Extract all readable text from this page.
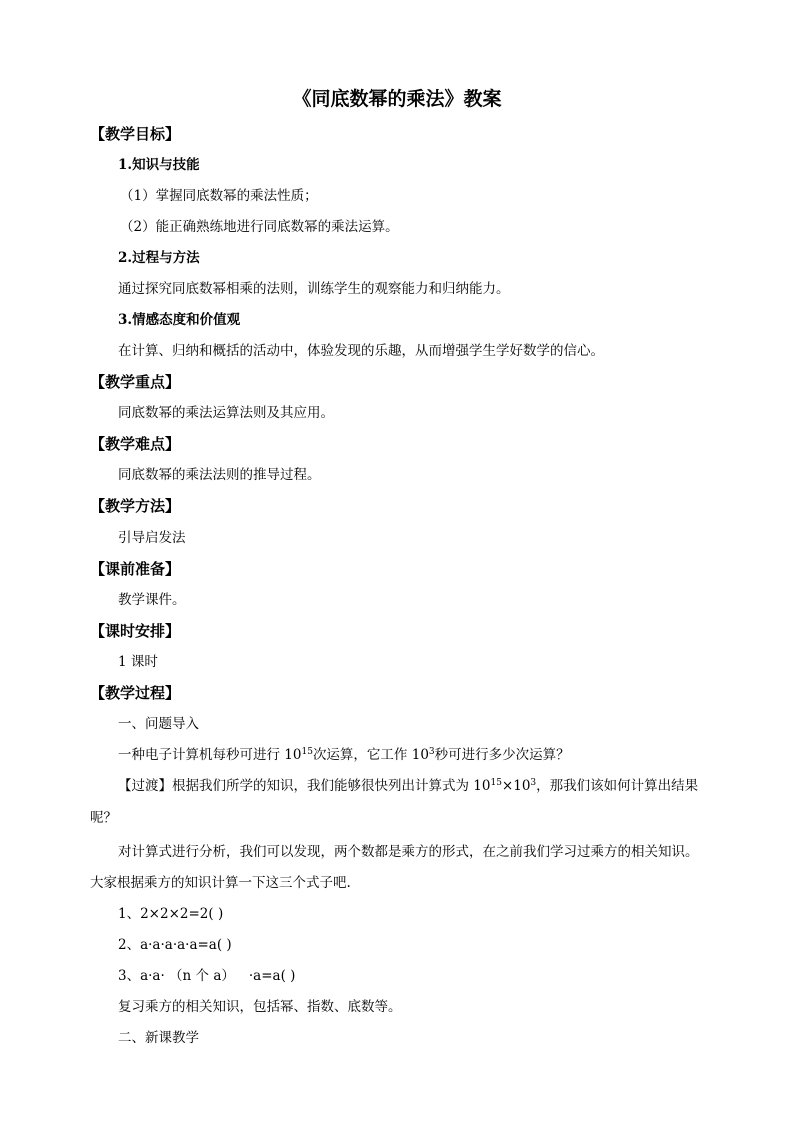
《同底数幂的乘法》教案
【教学目标】
1.知识与技能
（1）掌握同底数幂的乘法性质；
（2）能正确熟练地进行同底数幂的乘法运算。
2.过程与方法
通过探究同底数幂相乘的法则，训练学生的观察能力和归纳能力。
3.情感态度和价值观
在计算、归纳和概括的活动中，体验发现的乐趣，从而增强学生学好数学的信心。
【教学重点】
同底数幂的乘法运算法则及其应用。
【教学难点】
同底数幂的乘法法则的推导过程。
【教学方法】
引导启发法
【课前准备】
教学课件。
【课时安排】
1 课时
【教学过程】
一、问题导入
一种电子计算机每秒可进行 $10^{15}$次运算，它工作 $10^3$秒可进行多少次运算？
【过渡】根据我们所学的知识，我们能够很快列出计算式为 $10^{15}\times 10^3$，那我们该如何计算出结果
呢？
对计算式进行分析，我们可以发现，两个数都是乘方的形式，在之前我们学习过乘方的相关知识。
大家根据乘方的知识计算一下这三个式子吧.
1、2×2×2=2( )
2、a·a·a·a·a=a( )
3、a·a· （n 个 a） ·a=a( )
复习乘方的相关知识，包括幂、指数、底数等。
二、新课教学
